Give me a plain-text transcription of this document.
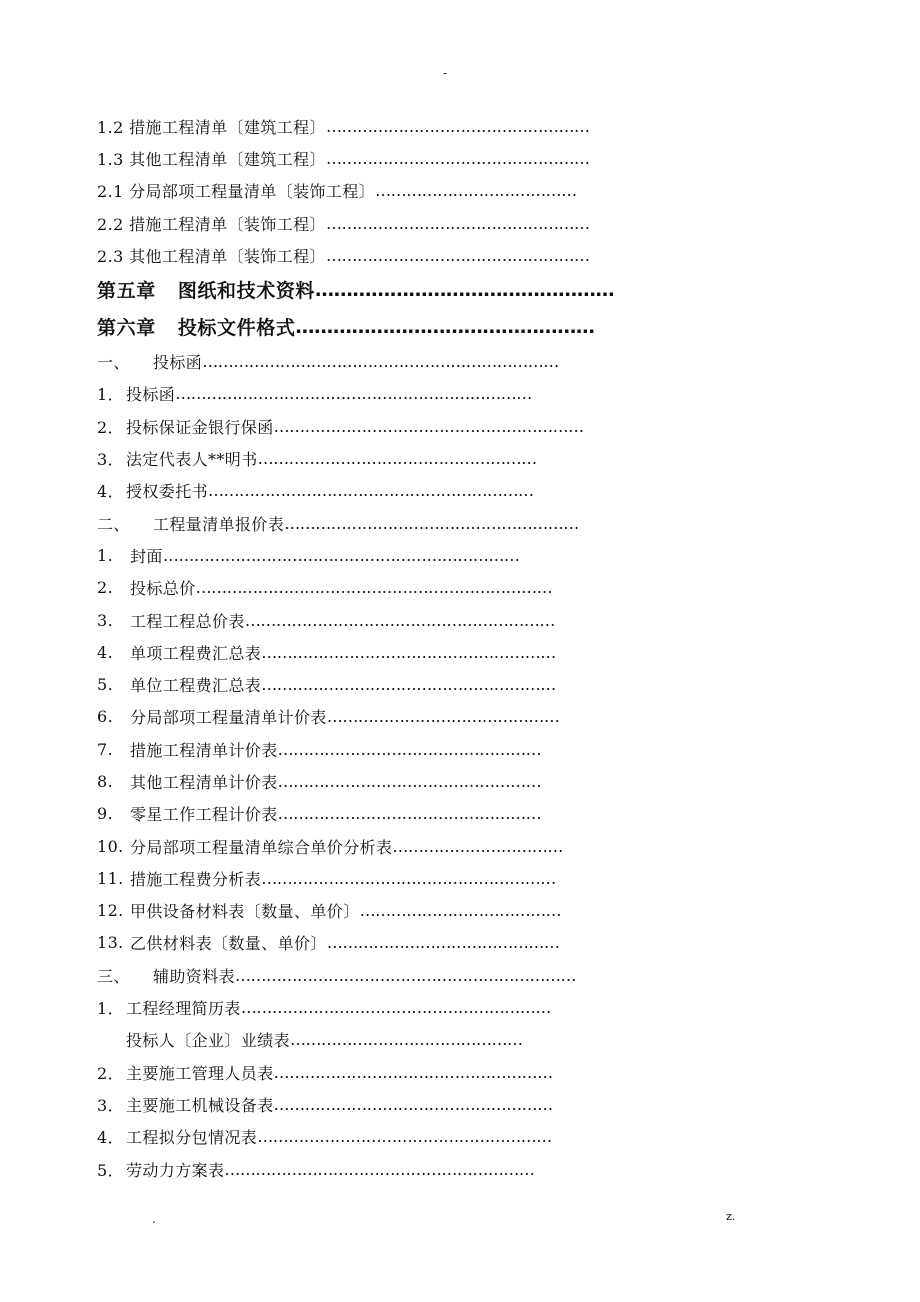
-
1.2 措施工程清单〔建筑工程〕 ……………………………………………
1.3 其他工程清单〔建筑工程〕 ……………………………………………
2.1 分局部项工程量清单〔装饰工程〕 …………………………………
2.2 措施工程清单〔装饰工程〕 ……………………………………………
2.3 其他工程清单〔装饰工程〕 ……………………………………………
第五章 图纸和技术资料 …………………………………………
第六章 投标文件格式 …………………………………………
一、	投标函 ……………………………………………………………
1． 投标函 ……………………………………………………………
2． 投标保证金银行保函 ……………………………………………………
3． 法定代表人**明书 ………………………………………………
4． 授权委托书 ………………………………………………………
二、	工程量清单报价表 …………………………………………………
1.	封面 ……………………………………………………………
2.	投标总价 ……………………………………………………………
3.	工程工程总价表 ……………………………………………………
4.	单项工程费汇总表 …………………………………………………
5.	单位工程费汇总表 …………………………………………………
6.	分局部项工程量清单计价表 ………………………………………
7.	措施工程清单计价表 ……………………………………………
8.	其他工程清单计价表 ……………………………………………
9.	零星工作工程计价表 ……………………………………………
10. 分局部项工程量清单综合单价分析表 ……………………………
11. 措施工程费分析表 …………………………………………………
12. 甲供设备材料表〔数量、单价〕 …………………………………
13. 乙供材料表〔数量、单价〕 ………………………………………
三、	辅助资料表 …………………………………………………………
1． 工程经理简历表 ……………………………………………………
投标人〔企业〕业绩表 ………………………………………
2． 主要施工管理人员表 ………………………………………………
3． 主要施工机械设备表 ………………………………………………
4． 工程拟分包情况表 …………………………………………………
5． 劳动力方案表 ……………………………………………………
.	z.
